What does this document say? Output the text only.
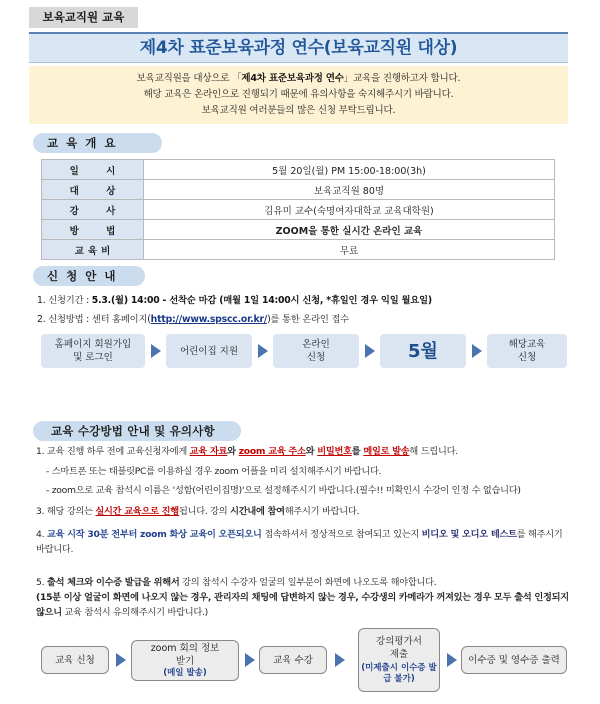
보육교직원 교육
제4차 표준보육과정 연수(보육교직원 대상)

보육교직원을 대상으로 「제4차 표준보육과정 연수」교육을 진행하고자 합니다.

해당 교육은 온라인으로 진행되기 때문에 유의사항을 숙지해주시기 바랍니다.

보육교직원 여러분들의 많은 신청 부탁드립니다.

교 육 개 요
일 시	5월 20일(월) PM 15:00-18:00(3h)
대 상	보육교직원 80명
강 사	김유미 교수(숙명여자대학교 교육대학원)
방 법	ZOOM을 통한 실시간 온라인 교육
교육비	무료
신 청 안 내
1. 신청기간 : 5.3.(월) 14:00 - 선착순 마감 (매월 1일 14:00시 신청, *휴일인 경우 익일 월요일)
2. 신청방법 : 센터 홈페이지(http://www.spscc.or.kr/)를 통한 온라인 접수
홈페이지 회원가입
및 로그인
어린이집 지원
온라인
신청	5월	해당교육
신청
교육 수강방법 안내 및 유의사항
1. 교육 진행 하루 전에 교육신청자에게 교육 자료와 zoom 교육 주소와 비밀번호를 메일로 발송해 드립니다.
- 스마트폰 또는 태블릿PC를 이용하실 경우 zoom 어플을 미리 설치해주시기 바랍니다.
- zoom으로 교육 참석시 이름은 '성함(어린이집명)'으로 설정해주시기 바랍니다.(필수!! 미확인시 수강이 인정 수 없습니다)
3. 해당 강의는 실시간 교육으로 진행됩니다. 강의 시간내에 참여해주시기 바랍니다.
4. 교육 시작 30분 전부터 zoom 화상 교육이 오픈되오니 접속하셔서 정상적으로 참여되고 있는지 비디오 및 오디오 테스트를 해주시기 바랍니다.
5. 출석 체크와 이수증 발급을 위해서 강의 참석시 수강자 얼굴의 일부분이 화면에 나오도록 해야합니다.
(15분 이상 얼굴이 화면에 나오지 않는 경우, 관리자의 채팅에 답변하지 않는 경우, 수강생의 카메라가 꺼져있는 경우 모두 출석 인정되지 않으니 교육 참석시 유의해주시기 바랍니다.)
교육 신청
zoom 회의 정보
받기
(메일 발송)
교육 수강
강의평가서
제출
(미제출시 이수증 발급 불가)
이수증 및 영수증 출력
